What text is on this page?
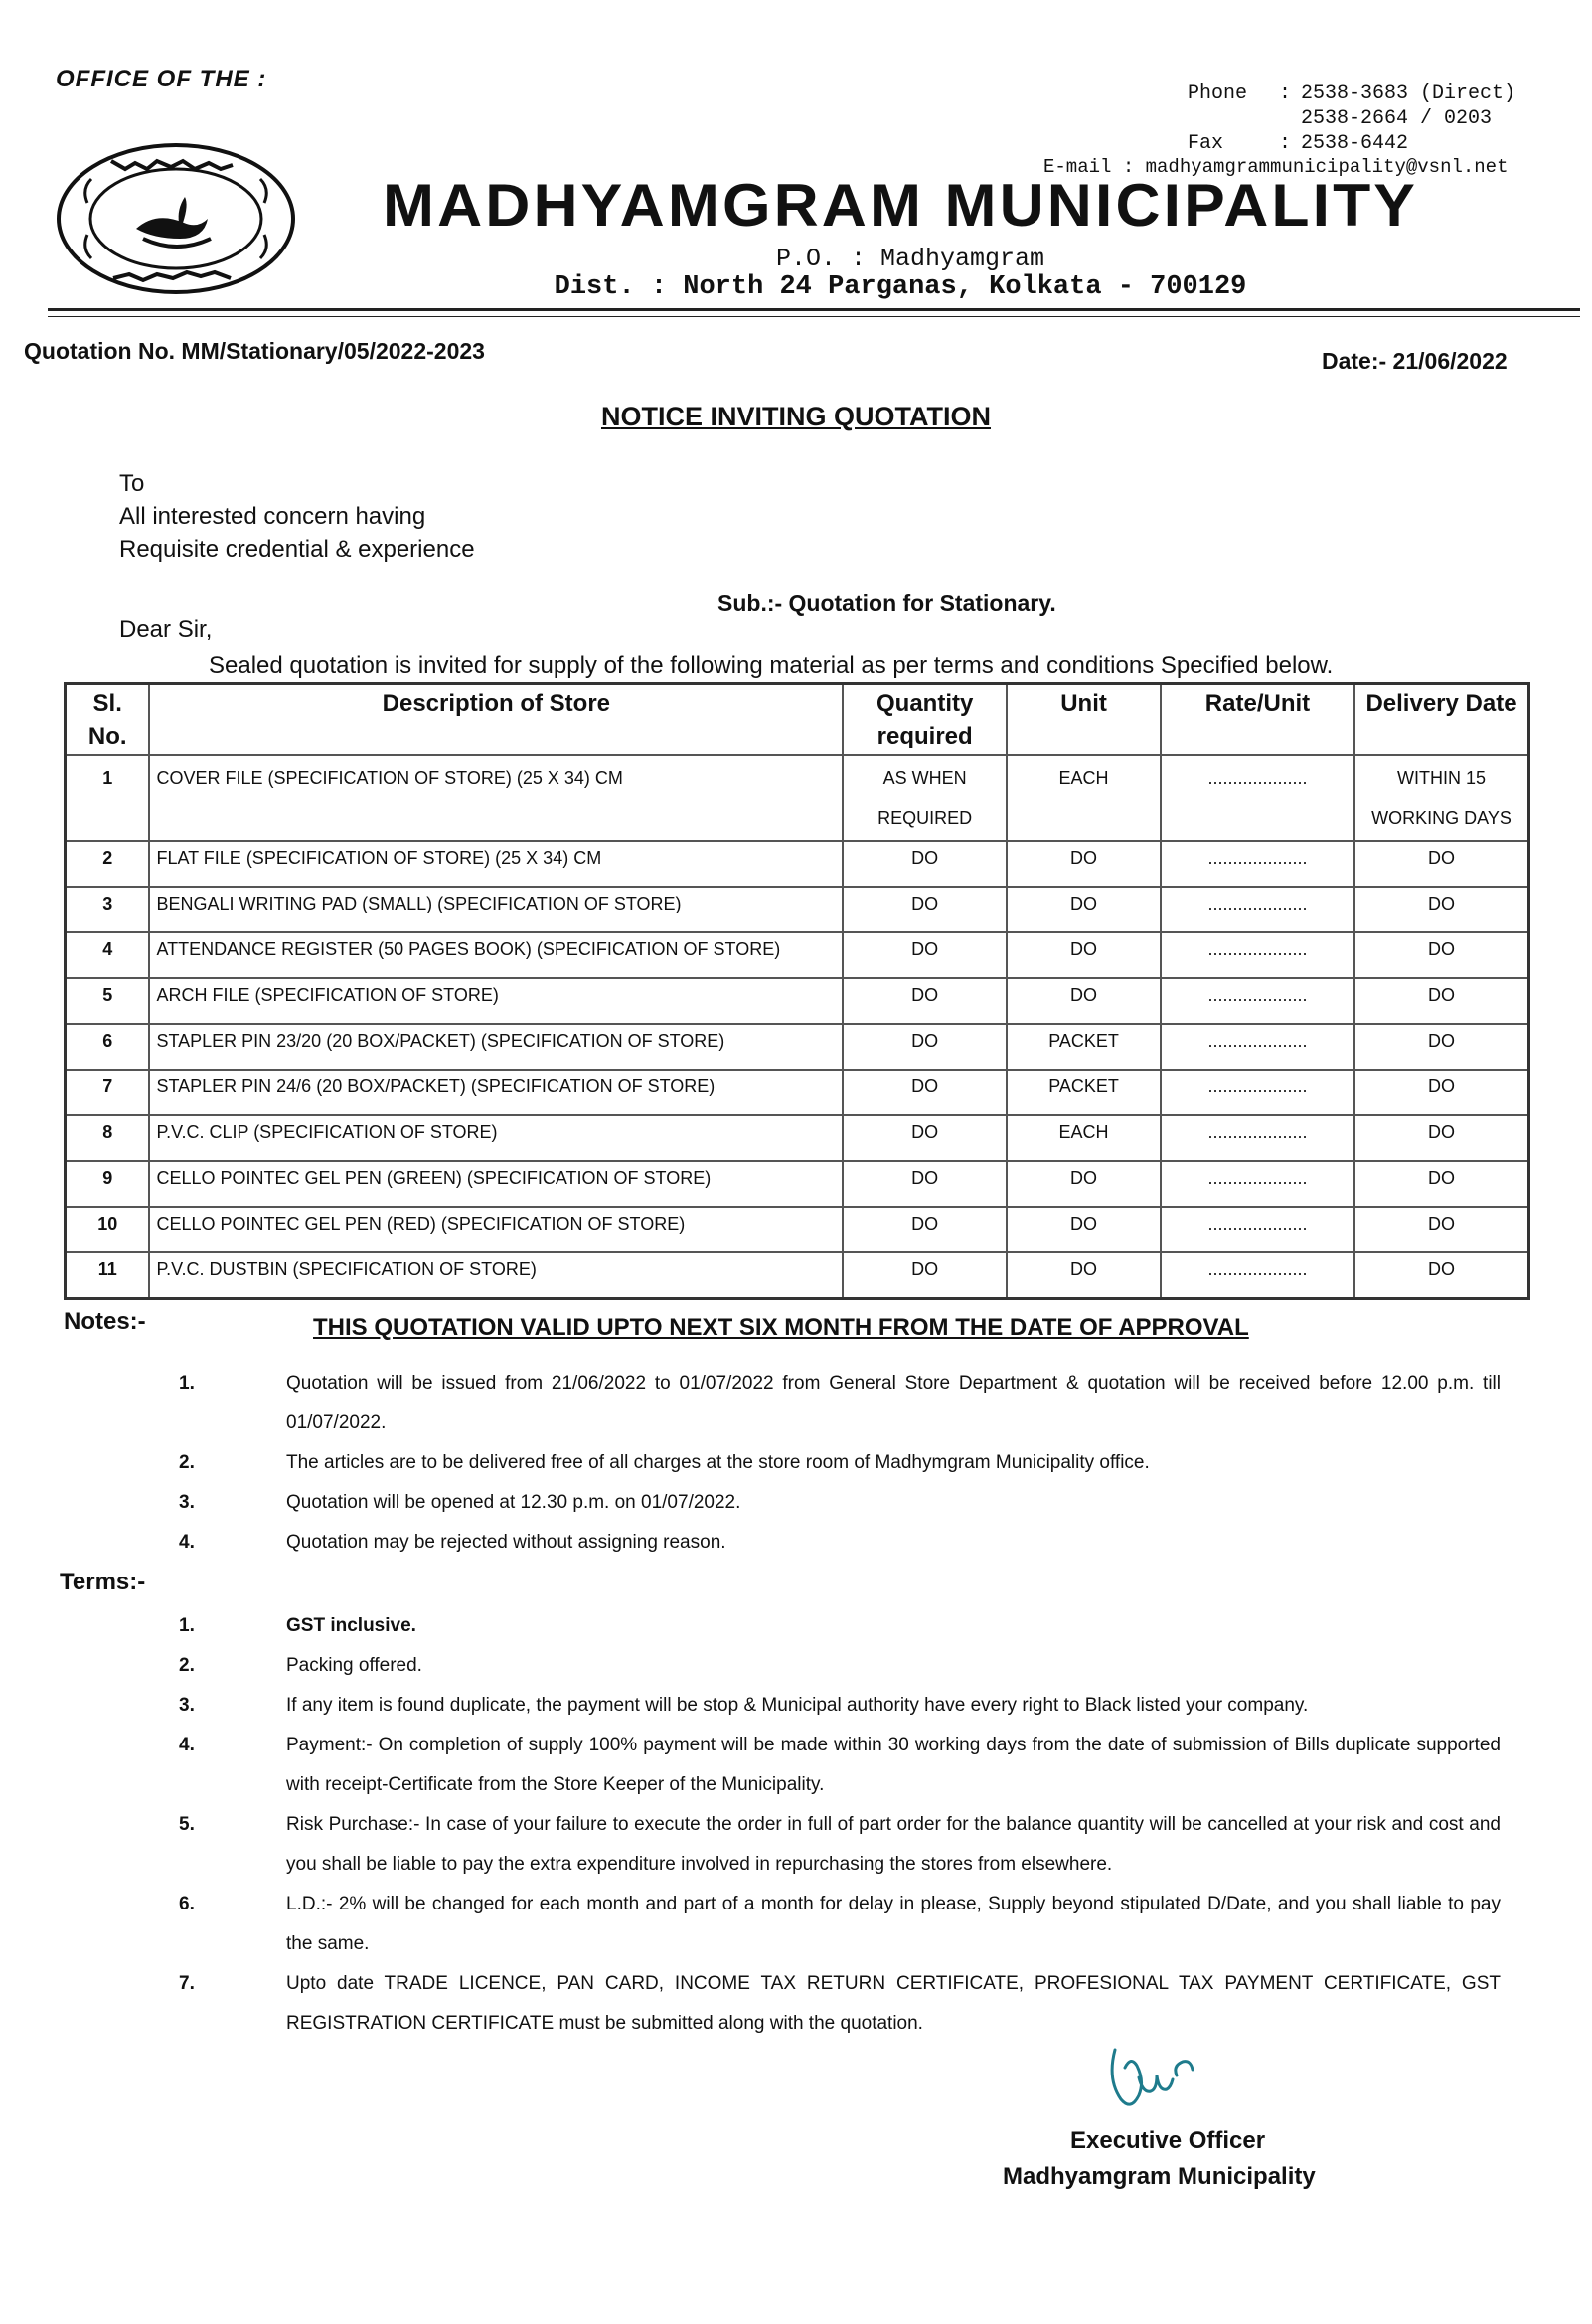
OFFICE OF THE :
Phone	: 2538-3683 (Direct)
2538-2664 / 0203
Fax	: 2538-6442
E-mail : madhyamgrammunicipality@vsnl.net
MADHYAMGRAM MUNICIPALITY
P.O. : Madhyamgram
Dist. : North 24 Parganas, Kolkata - 700129
Quotation No. MM/Stationary/05/2022-2023	Date:- 21/06/2022
NOTICE INVITING QUOTATION
To
All interested concern having
Requisite credential & experience
Sub.:- Quotation for Stationary.
Dear Sir,
Sealed quotation is invited for supply of the following material as per terms and conditions Specified below.
Sl. No.	Description of Store	Quantity required	Unit	Rate/Unit	Delivery Date
1	COVER FILE (SPECIFICATION OF STORE) (25 X 34) CM	AS WHEN REQUIRED	EACH	....................	WITHIN 15 WORKING DAYS
2	FLAT FILE (SPECIFICATION OF STORE) (25 X 34) CM	DO	DO	....................	DO
3	BENGALI WRITING PAD (SMALL) (SPECIFICATION OF STORE)	DO	DO	....................	DO
4	ATTENDANCE REGISTER (50 PAGES BOOK) (SPECIFICATION OF STORE)	DO	DO	....................	DO
5	ARCH FILE (SPECIFICATION OF STORE)	DO	DO	....................	DO
6	STAPLER PIN 23/20 (20 BOX/PACKET) (SPECIFICATION OF STORE)	DO	PACKET	....................	DO
7	STAPLER PIN 24/6 (20 BOX/PACKET) (SPECIFICATION OF STORE)	DO	PACKET	....................	DO
8	P.V.C. CLIP (SPECIFICATION OF STORE)	DO	EACH	....................	DO
9	CELLO POINTEC GEL PEN (GREEN) (SPECIFICATION OF STORE)	DO	DO	....................	DO
10	CELLO POINTEC GEL PEN (RED) (SPECIFICATION OF STORE)	DO	DO	....................	DO
11	P.V.C. DUSTBIN (SPECIFICATION OF STORE)	DO	DO	....................	DO
Notes:-	THIS QUOTATION VALID UPTO NEXT SIX MONTH FROM THE DATE OF APPROVAL
1.	Quotation will be issued from 21/06/2022 to 01/07/2022 from General Store Department & quotation will be received before 12.00 p.m. till 01/07/2022.
2.	The articles are to be delivered free of all charges at the store room of Madhymgram Municipality office.
3.	Quotation will be opened at 12.30 p.m. on 01/07/2022.
4.	Quotation may be rejected without assigning reason.
Terms:-
1.	GST inclusive.
2.	Packing offered.
3.	If any item is found duplicate, the payment will be stop & Municipal authority have every right to Black listed your company.
4.	Payment:- On completion of supply 100% payment will be made within 30 working days from the date of submission of Bills duplicate supported with receipt-Certificate from the Store Keeper of the Municipality.
5.	Risk Purchase:- In case of your failure to execute the order in full of part order for the balance quantity will be cancelled at your risk and cost and you shall be liable to pay the extra expenditure involved in repurchasing the stores from elsewhere.
6.	L.D.:- 2% will be changed for each month and part of a month for delay in please, Supply beyond stipulated D/Date, and you shall liable to pay the same.
7.	Upto date TRADE LICENCE, PAN CARD, INCOME TAX RETURN CERTIFICATE, PROFESIONAL TAX PAYMENT CERTIFICATE, GST REGISTRATION CERTIFICATE must be submitted along with the quotation.
Executive Officer
Madhyamgram Municipality
